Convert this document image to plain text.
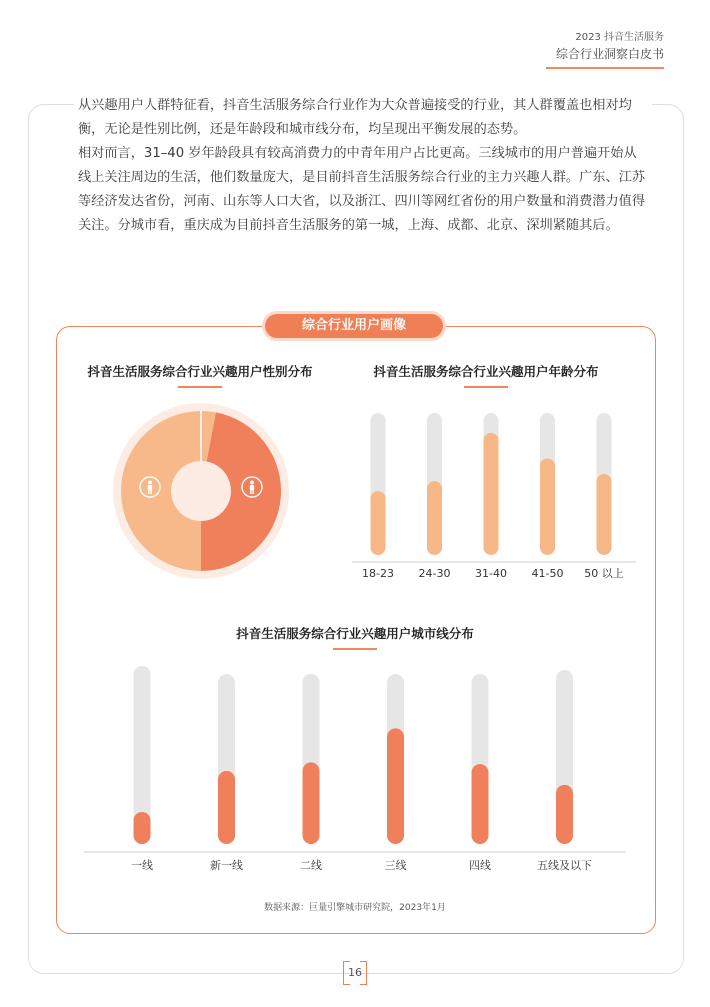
2023 抖音生活服务
综合行业洞察白皮书

从兴趣用户人群特征看，抖音生活服务综合行业作为大众普遍接受的行业，其人群覆盖也相对均衡，无论是性别比例，还是年龄段和城市线分布，均呈现出平衡发展的态势。

相对而言，31–40 岁年龄段具有较高消费力的中青年用户占比更高。三线城市的用户普遍开始从线上关注周边的生活，他们数量庞大，是目前抖音生活服务综合行业的主力兴趣人群。广东、江苏等经济发达省份，河南、山东等人口大省，以及浙江、四川等网红省份的用户数量和消费潜力值得关注。分城市看，重庆成为目前抖音生活服务的第一城，上海、成都、北京、深圳紧随其后。

综合行业用户画像
抖音生活服务综合行业兴趣用户性别分布	抖音生活服务综合行业兴趣用户年龄分布
18-23 24-30 31-40 41-50 50 以上
抖音生活服务综合行业兴趣用户城市线分布
一线	新一线	二线	三线	四线	五线及以下
数据来源：巨量引擎城市研究院，2023年1月
16
